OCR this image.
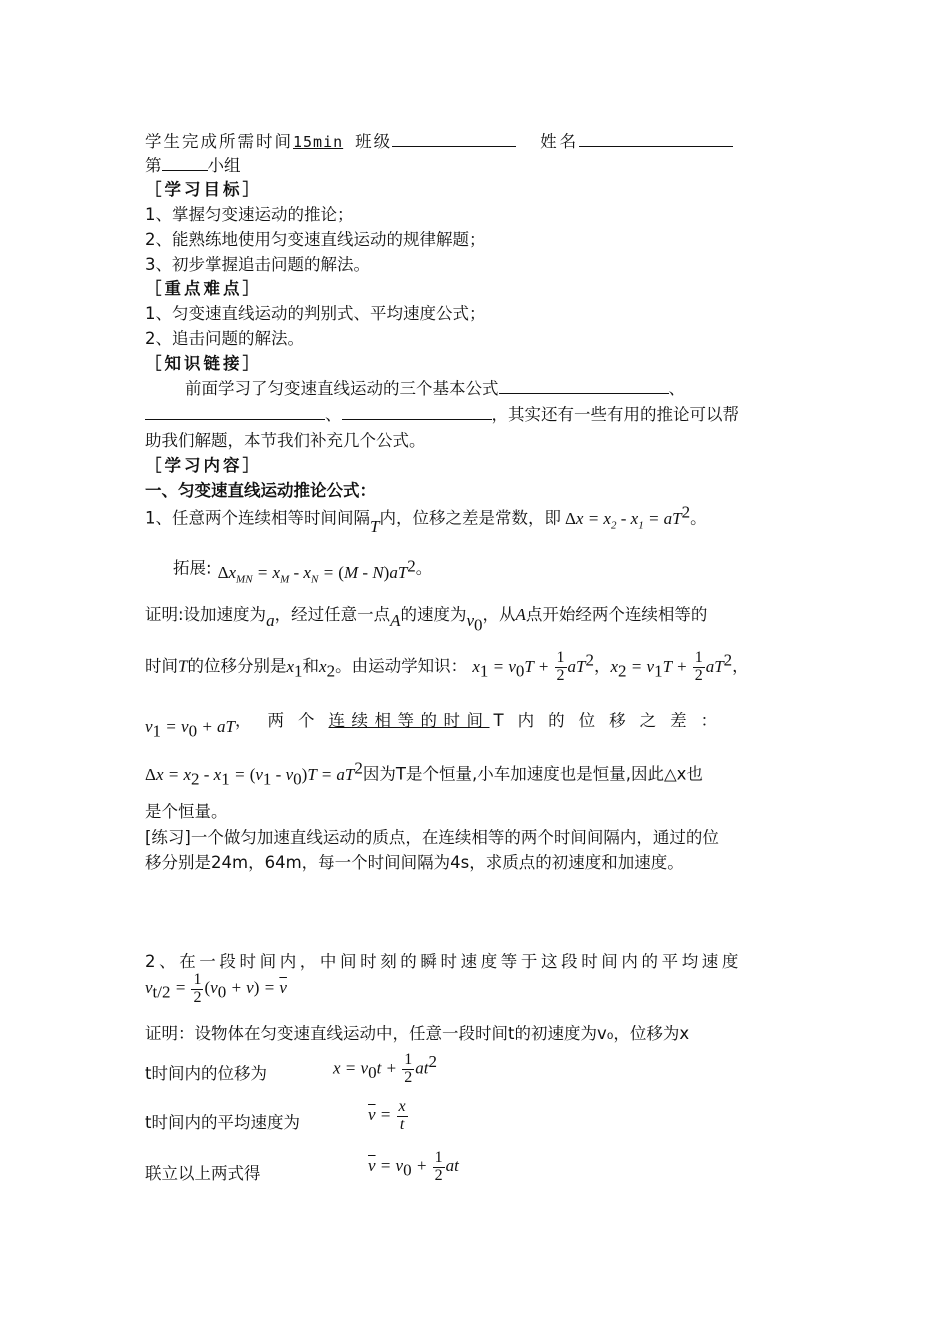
学生完成所需时间15min 班级	姓名
第	小组
［学习目标］
1、掌握匀变速运动的推论；
2、能熟练地使用匀变速直线运动的规律解题；
3、初步掌握追击问题的解法。
［重点难点］
1、匀变速直线运动的判别式、平均速度公式；
2、追击问题的解法。
［知识链接］
前面学习了匀变速直线运动的三个基本公式	、
、	，其实还有一些有用的推论可以帮
助我们解题，本节我们补充几个公式。
［学习内容］
一、匀变速直线运动推论公式：
1、任意两个连续相等时间间隔T内，位移之差是常数，即 $\Delta x = x_2 - x_1 = aT^2$。
拓展: $\Delta x_{MN} = x_M - x_N = (M - N)aT^2$。
证明:设加速度为a，经过任意一点A的速度为$v_0$，从A点开始经两个连续相等的
时间T的位移分别是$x_1$和$x_2$。由运动学知识： $x_1 = v_0T + \frac{1}{2} aT^2$，$x_2 = v_1T + \frac{1}{2} aT^2$，
$v_1 = v_0$ + aT， 两个连续相等的时间 T内的位移之差：
$\Delta x = x_2 - x_1 = (v_1 - v_0)T = aT^2$因为T是个恒量,小车加速度也是恒量,因此△x也
是个恒量。
[练习]一个做匀加速直线运动的质点，在连续相等的两个时间间隔内，通过的位
移分别是24m，64m，每一个时间间隔为4s，求质点的初速度和加速度。
2、在一段时间内，中间时刻的瞬时速度等于这段时间内的平均速度
$v_{t/2} = \frac{1}{2} (v_0 + v) = \overline{v}$
证明：设物体在匀变速直线运动中，任意一段时间t的初速度为v₀，位移为x
t时间内的位移为	$x = v_0t + \frac{1}{2} at^2$
t时间内的平均速度为	$\overline{v} = \frac{x}{t}$
联立以上两式得	$\overline{v} = v_0 + \frac{1}{2}$ at
